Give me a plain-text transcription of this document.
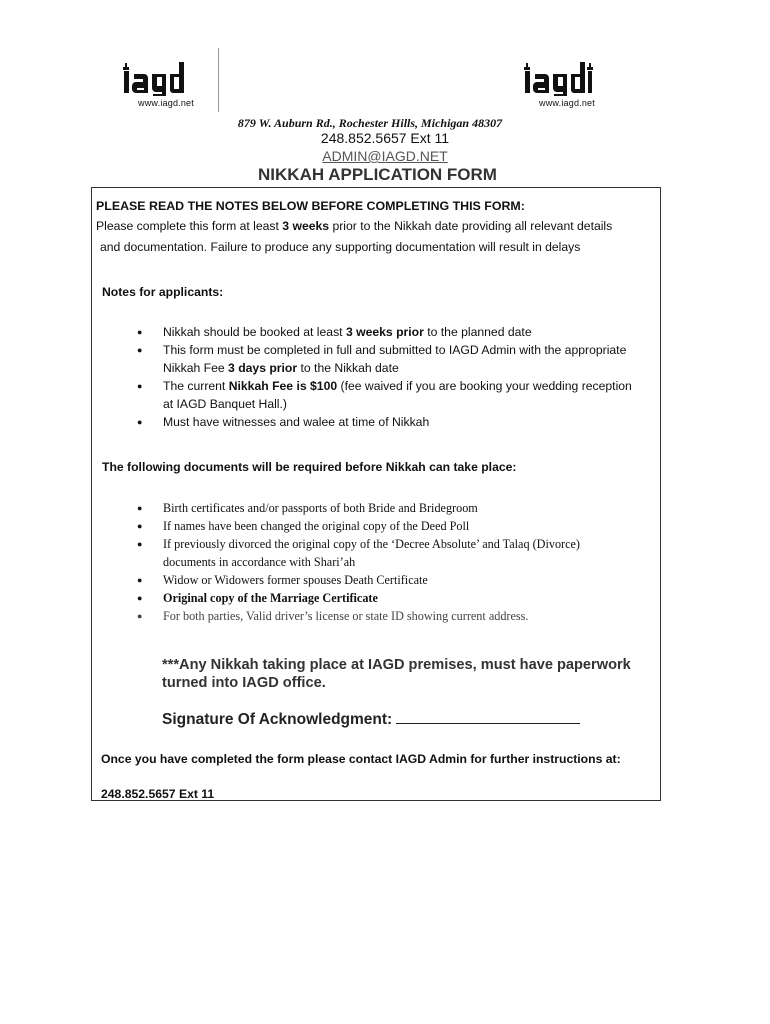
www.iagd.net	www.iagd.net
879 W. Auburn Rd., Rochester Hills, Michigan 48307
248.852.5657 Ext 11
ADMIN@IAGD.NET
NIKKAH APPLICATION FORM
PLEASE READ THE NOTES BELOW BEFORE COMPLETING THIS FORM:
Please complete this form at least 3 weeks prior to the Nikkah date providing all relevant details
and documentation. Failure to produce any supporting documentation will result in delays
Notes for applicants:
● Nikkah should be booked at least 3 weeks prior to the planned date
● This form must be completed in full and submitted to IAGD Admin with the appropriate
Nikkah Fee 3 days prior to the Nikkah date
● The current Nikkah Fee is $100 (fee waived if you are booking your wedding reception
at IAGD Banquet Hall.)
● Must have witnesses and walee at time of Nikkah
The following documents will be required before Nikkah can take place:
● Birth certificates and/or passports of both Bride and Bridegroom
● If names have been changed the original copy of the Deed Poll
● If previously divorced the original copy of the ‘Decree Absolute’ and Talaq (Divorce)
documents in accordance with Shari’ah
● Widow or Widowers former spouses Death Certificate
● Original copy of the Marriage Certificate
● For both parties, Valid driver’s license or state ID showing current address.
***Any Nikkah taking place at IAGD premises, must have paperwork turned into IAGD office.
Signature Of Acknowledgment:
Once you have completed the form please contact IAGD Admin for further instructions at:
248.852.5657 Ext 11
